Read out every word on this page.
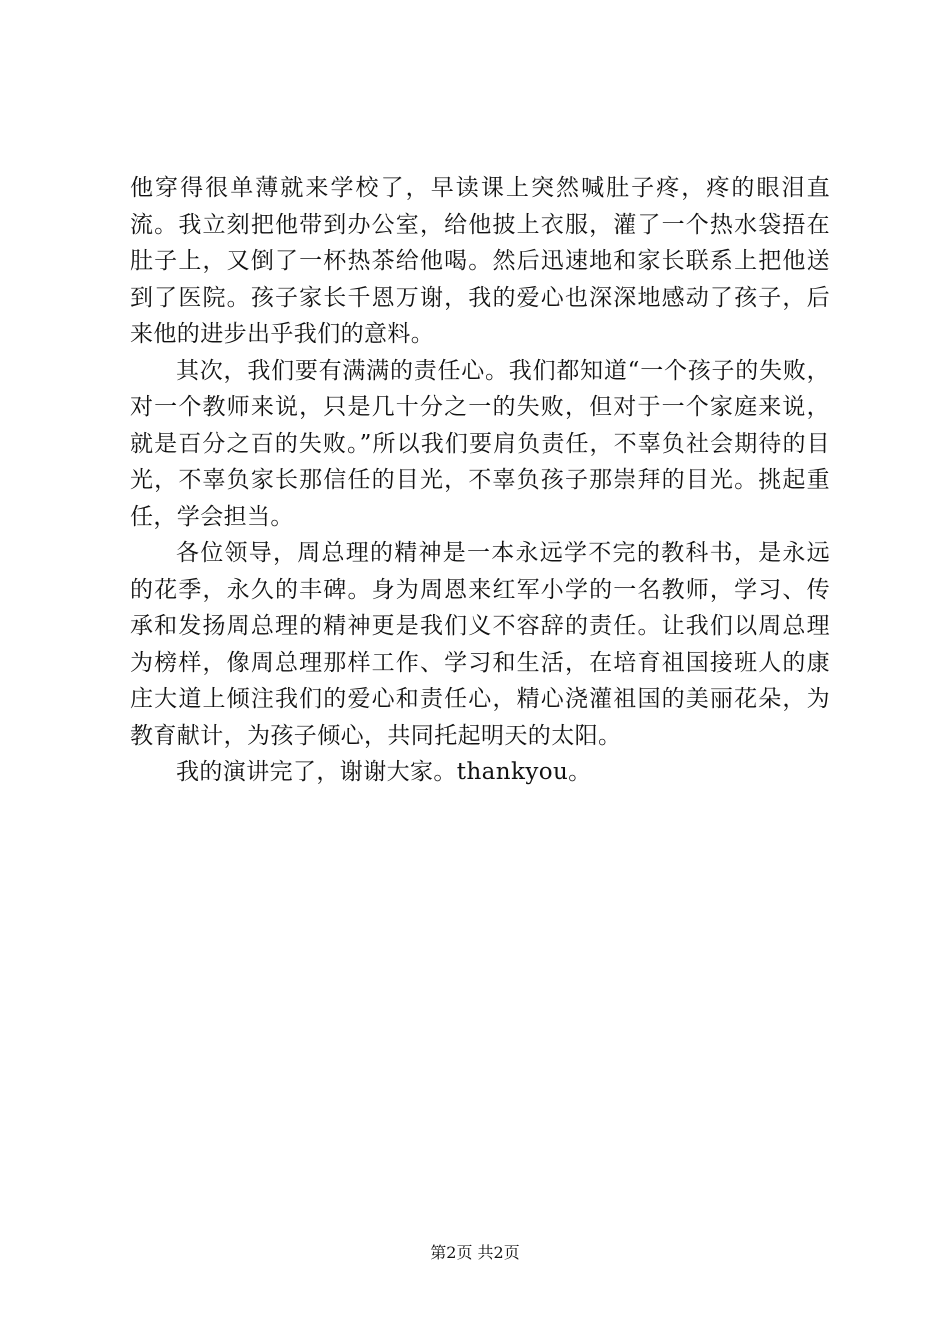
他穿得很单薄就来学校了，早读课上突然喊肚子疼，疼的眼泪直流。我立刻把他带到办公室，给他披上衣服，灌了一个热水袋捂在肚子上，又倒了一杯热茶给他喝。然后迅速地和家长联系上把他送到了医院。孩子家长千恩万谢，我的爱心也深深地感动了孩子，后来他的进步出乎我们的意料。

其次，我们要有满满的责任心。我们都知道“一个孩子的失败，对一个教师来说，只是几十分之一的失败，但对于一个家庭来说，就是百分之百的失败。”所以我们要肩负责任，不辜负社会期待的目光，不辜负家长那信任的目光，不辜负孩子那崇拜的目光。挑起重任，学会担当。

各位领导，周总理的精神是一本永远学不完的教科书，是永远的花季，永久的丰碑。身为周恩来红军小学的一名教师，学习、传承和发扬周总理的精神更是我们义不容辞的责任。让我们以周总理为榜样，像周总理那样工作、学习和生活，在培育祖国接班人的康庄大道上倾注我们的爱心和责任心，精心浇灌祖国的美丽花朵，为教育献计，为孩子倾心，共同托起明天的太阳。

我的演讲完了，谢谢大家。thankyou。

第2页 共2页
